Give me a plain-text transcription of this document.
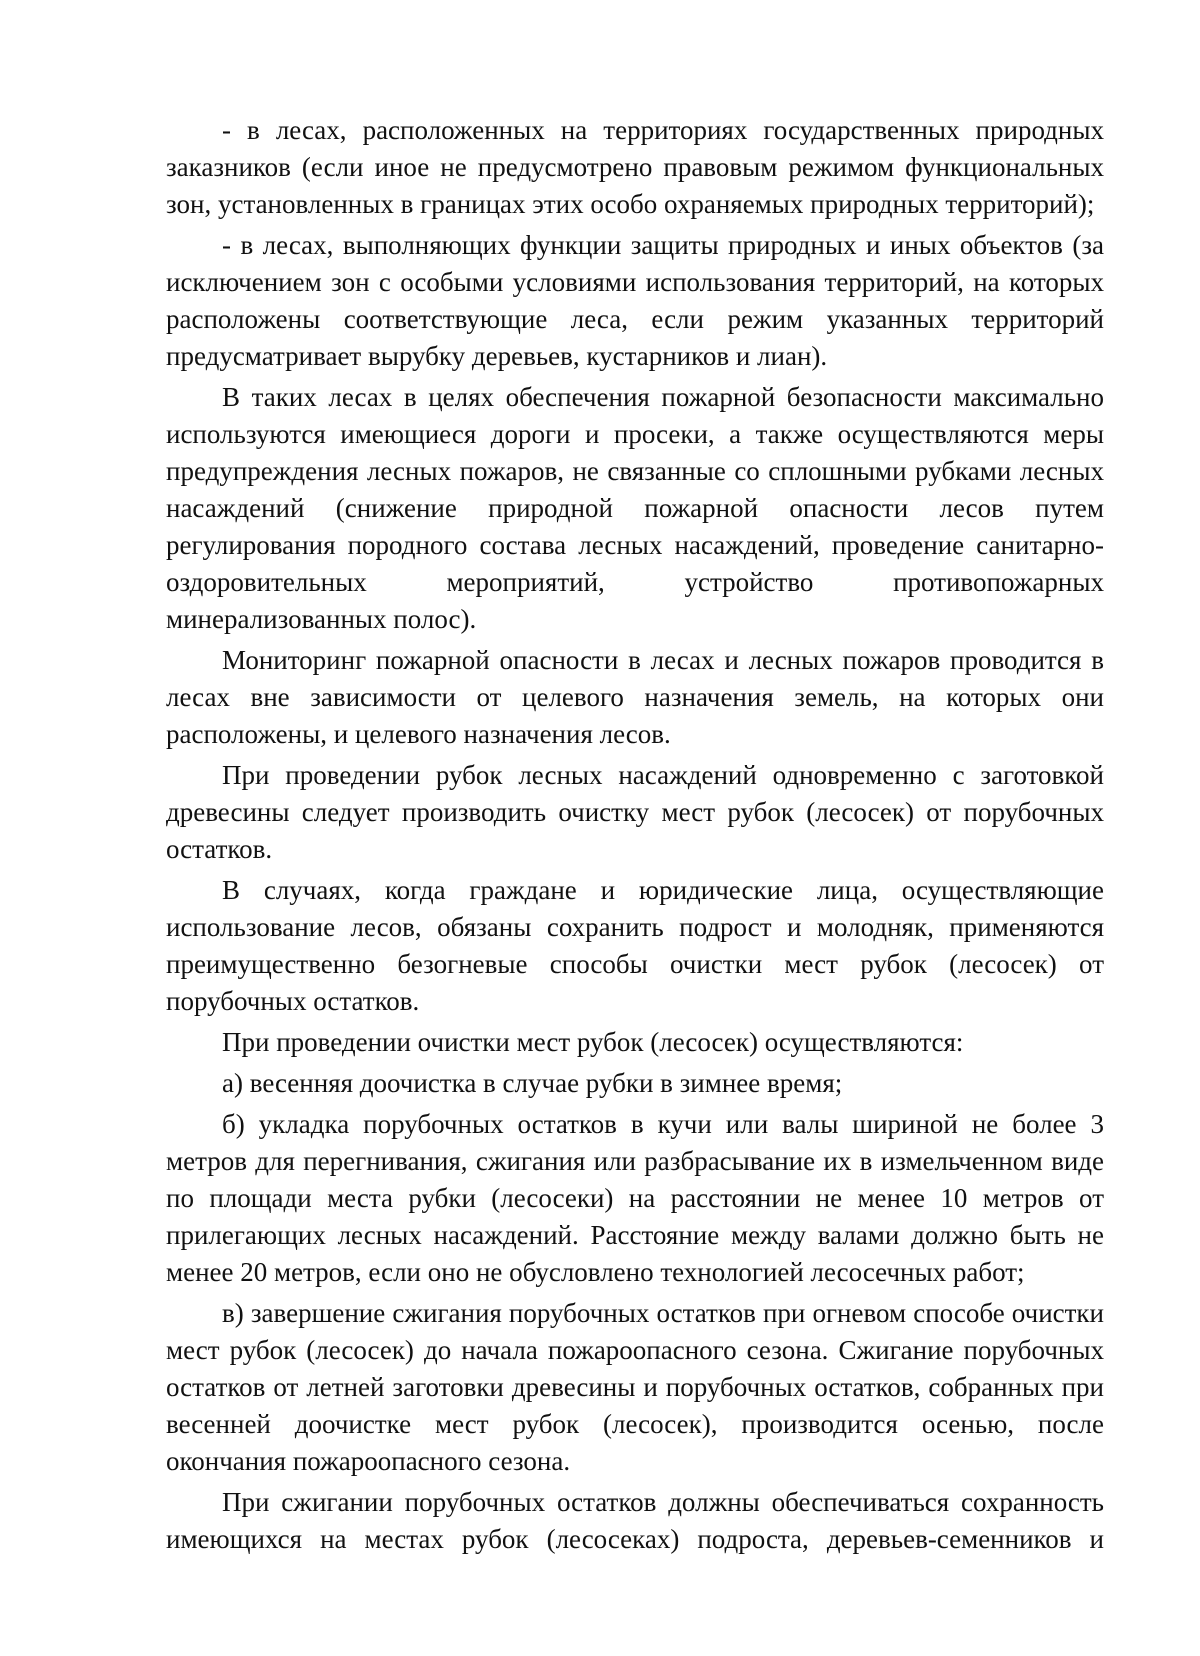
- в лесах, расположенных на территориях государственных природных заказников (если иное не предусмотрено правовым режимом функциональных зон, установленных в границах этих особо охраняемых природных территорий);

- в лесах, выполняющих функции защиты природных и иных объектов (за исключением зон с особыми условиями использования территорий, на которых расположены соответствующие леса, если режим указанных территорий предусматривает вырубку деревьев, кустарников и лиан).

В таких лесах в целях обеспечения пожарной безопасности максимально используются имеющиеся дороги и просеки, а также осуществляются меры предупреждения лесных пожаров, не связанные со сплошными рубками лесных насаждений (снижение природной пожарной опасности лесов путем регулирования породного состава лесных насаждений, проведение санитарно-оздоровительных мероприятий, устройство противопожарных минерализованных полос).

Мониторинг пожарной опасности в лесах и лесных пожаров проводится в лесах вне зависимости от целевого назначения земель, на которых они расположены, и целевого назначения лесов.

При проведении рубок лесных насаждений одновременно с заготовкой древесины следует производить очистку мест рубок (лесосек) от порубочных остатков.

В случаях, когда граждане и юридические лица, осуществляющие использование лесов, обязаны сохранить подрост и молодняк, применяются преимущественно безогневые способы очистки мест рубок (лесосек) от порубочных остатков.

При проведении очистки мест рубок (лесосек) осуществляются:

а) весенняя доочистка в случае рубки в зимнее время;

б) укладка порубочных остатков в кучи или валы шириной не более 3 метров для перегнивания, сжигания или разбрасывание их в измельченном виде по площади места рубки (лесосеки) на расстоянии не менее 10 метров от прилегающих лесных насаждений. Расстояние между валами должно быть не менее 20 метров, если оно не обусловлено технологией лесосечных работ;

в) завершение сжигания порубочных остатков при огневом способе очистки мест рубок (лесосек) до начала пожароопасного сезона. Сжигание порубочных остатков от летней заготовки древесины и порубочных остатков, собранных при весенней доочистке мест рубок (лесосек), производится осенью, после окончания пожароопасного сезона.

При сжигании порубочных остатков должны обеспечиваться сохранность имеющихся на местах рубок (лесосеках) подроста, деревьев-семенников и
